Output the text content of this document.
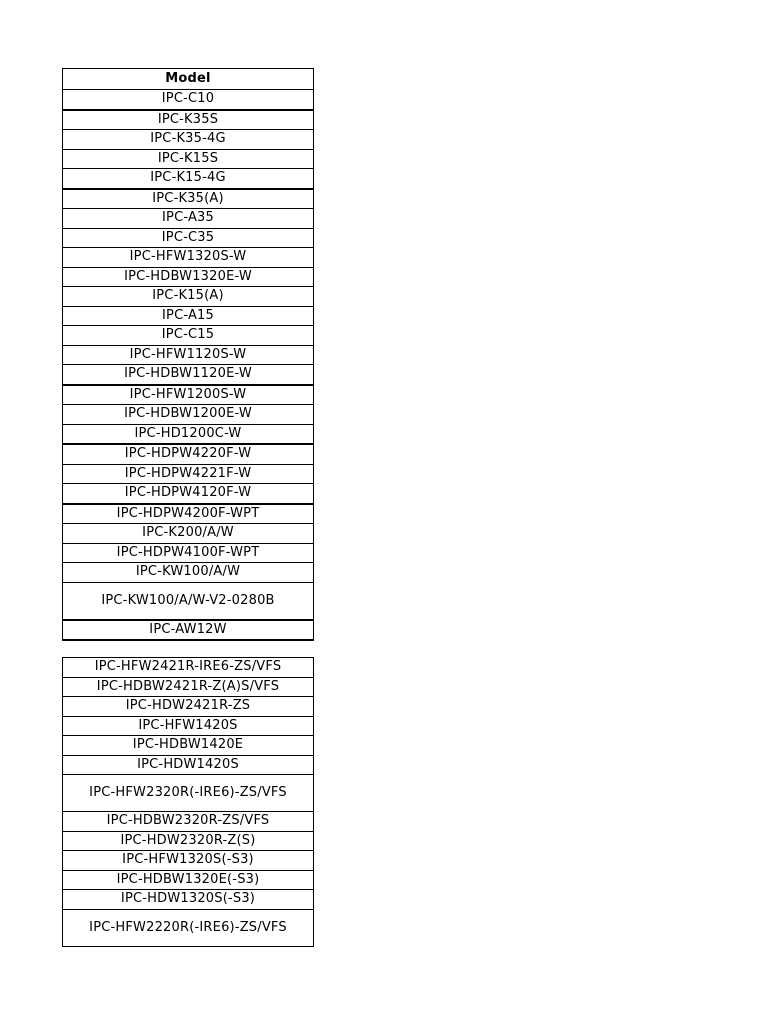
Model
IPC-C10
IPC-K35S
IPC-K35-4G
IPC-K15S
IPC-K15-4G
IPC-K35(A)
IPC-A35
IPC-C35
IPC-HFW1320S-W
IPC-HDBW1320E-W
IPC-K15(A)
IPC-A15
IPC-C15
IPC-HFW1120S-W
IPC-HDBW1120E-W
IPC-HFW1200S-W
IPC-HDBW1200E-W
IPC-HD1200C-W
IPC-HDPW4220F-W
IPC-HDPW4221F-W
IPC-HDPW4120F-W
IPC-HDPW4200F-WPT
IPC-K200/A/W
IPC-HDPW4100F-WPT
IPC-KW100/A/W
IPC-KW100/A/W-V2-0280B
IPC-AW12W

IPC-HFW2421R-IRE6-ZS/VFS
IPC-HDBW2421R-Z(A)S/VFS
IPC-HDW2421R-ZS
IPC-HFW1420S
IPC-HDBW1420E
IPC-HDW1420S
IPC-HFW2320R(-IRE6)-ZS/VFS
IPC-HDBW2320R-ZS/VFS
IPC-HDW2320R-Z(S)
IPC-HFW1320S(-S3)
IPC-HDBW1320E(-S3)
IPC-HDW1320S(-S3)
IPC-HFW2220R(-IRE6)-ZS/VFS
